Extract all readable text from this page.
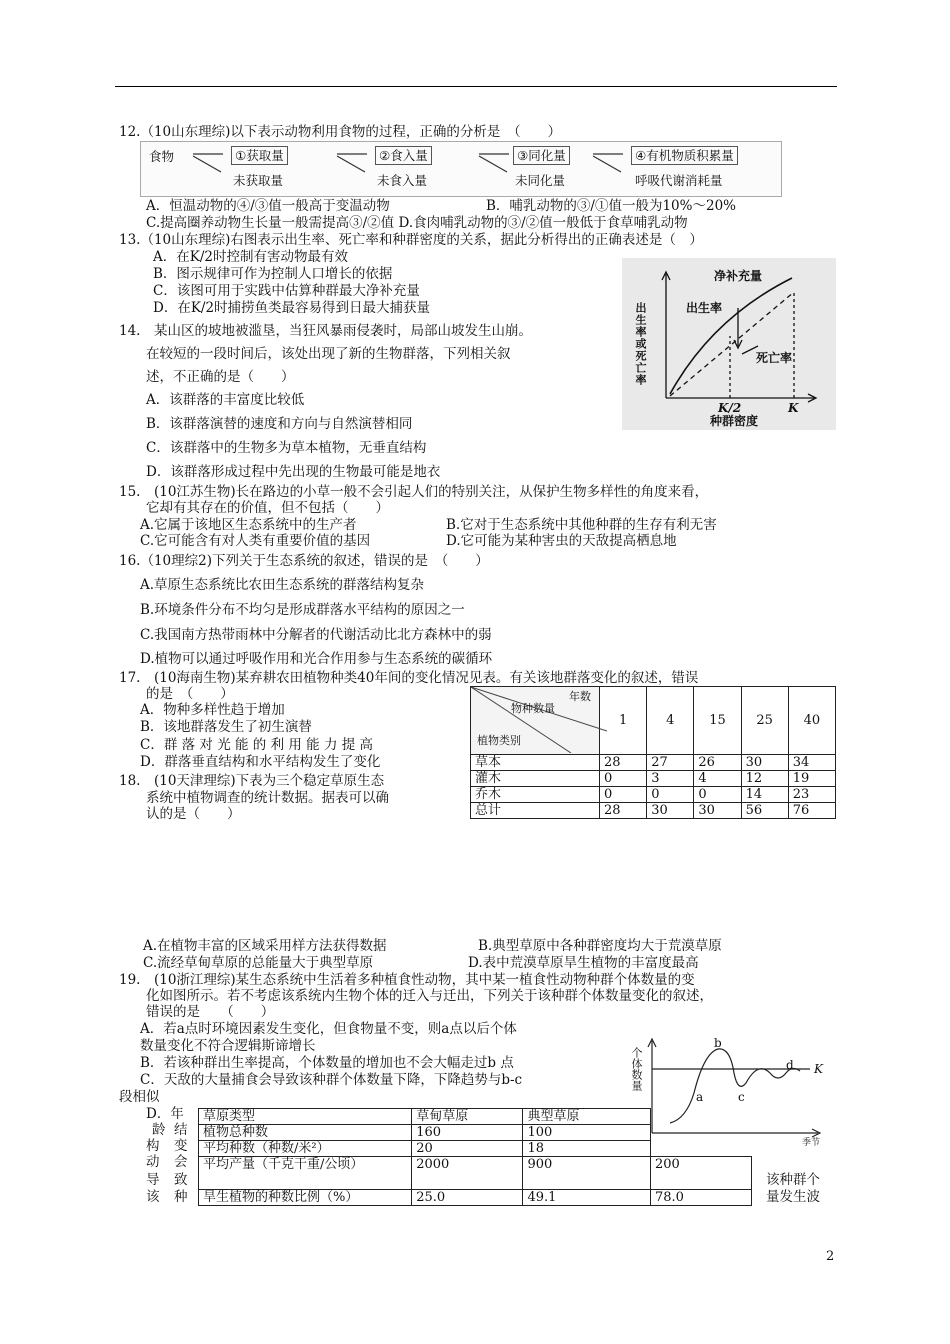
12.（10山东理综)以下表示动物利用食物的过程，正确的分析是　（　　）
食物	①获取量
未获取量
②食入量
未食入量
③同化量
未同化量
④有机物质积累量
呼吸代谢消耗量
A．恒温动物的④/③值一般高于变温动物	B．哺乳动物的③/①值一般为10%～20%
C.提高圈养动物生长量一般需提高③/②值 D.食肉哺乳动物的③/②值一般低于食草哺乳动物
13.（10山东理综)右图表示出生率、死亡率和种群密度的关系，据此分析得出的正确表述是（　）
A．在K/2时控制有害动物最有效
B．图示规律可作为控制人口增长的依据
C．该图可用于实践中估算种群最大净补充量
D．在K/2时捕捞鱼类最容易得到日最大捕获量	出生率或死亡率
净补充量
出生率
死亡率
K/2	K
种群密度
14.　某山区的坡地被滥垦，当狂风暴雨侵袭时，局部山坡发生山崩。
在较短的一段时间后，该处出现了新的生物群落，下列相关叙
述，不正确的是（　　）
A．该群落的丰富度比较低
B．该群落演替的速度和方向与自然演替相同
C．该群落中的生物多为草本植物，无垂直结构
D．该群落形成过程中先出现的生物最可能是地衣
15.　(10江苏生物)长在路边的小草一般不会引起人们的特别关注，从保护生物多样性的角度来看，
它却有其存在的价值，但不包括（　　）
A.它属于该地区生态系统中的生产者	B.它对于生态系统中其他种群的生存有利无害
C.它可能含有对人类有重要价值的基因	D.它可能为某种害虫的天敌提高栖息地
16.（10理综2)下列关于生态系统的叙述，错误的是　（　　）
A.草原生态系统比农田生态系统的群落结构复杂
B.环境条件分布不均匀是形成群落水平结构的原因之一
C.我国南方热带雨林中分解者的代谢活动比北方森林中的弱
D.植物可以通过呼吸作用和光合作用参与生态系统的碳循环
17.　(10海南生物)某弃耕农田植物种类40年间的变化情况见表。有关该地群落变化的叙述，错误
的是　（　　）
A．物种多样性趋于增加
B．该地群落发生了初生演替
C．群 落 对 光 能 的 利 用 能 力 提 高
D．群落垂直结构和水平结构发生了变化
年数
物种数量
植物类别	1	4	15	25	40
草本	28	27	26	30	34
灌木	0	3	4	12	19
乔木	0	0	0	14	23
总计	28	30	30	56	76
18.　(10天津理综)下表为三个稳定草原生态
系统中植物调查的统计数据。据表可以确
认的是（　　）
A.在植物丰富的区域采用样方法获得数据	B.典型草原中各种群密度均大于荒漠草原
C.流经草甸草原的总能量大于典型草原	D.表中荒漠草原旱生植物的丰富度最高
19.　(10浙江理综)某生态系统中生活着多种植食性动物，其中某一植食性动物种群个体数量的变
化如图所示。若不考虑该系统内生物个体的迁入与迁出，下列关于该种群个体数量变化的叙述，
错误的是　　（　　）
A．若a点时环境因素发生变化，但食物量不变，则a点以后个体
数量变化不符合逻辑斯谛增长
B．若该种群出生率提高，个体数量的增加也不会大幅走过b 点
C．天敌的大量捕食会导致该种群个体数量下降，下降趋势与b-c
段相似
个体数量
a
b
c
d K
季节
D．年
龄 结
构 变
动 会
导 致
该 种
该种群个
量发生波
草原类型	草甸草原	典型草原	
植物总种数	160	100	
平均种数（种数/米²）	20	18	
平均产量（千克干重/公顷）	2000	900	200
旱生植物的种数比例（%）	25.0	49.1	78.0
2
群 个
体 数
量 发
生 波
